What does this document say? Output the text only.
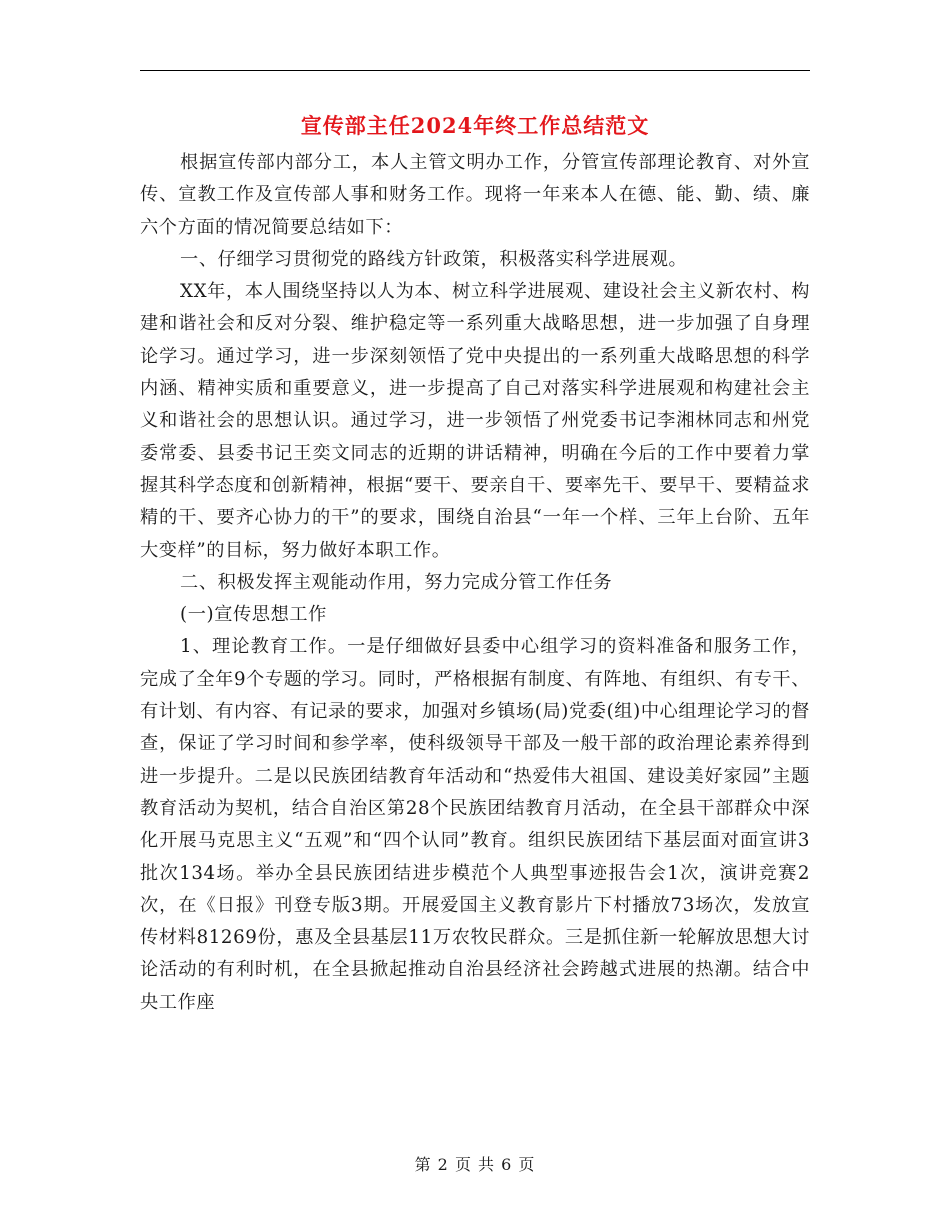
宣传部主任2024年终工作总结范文

根据宣传部内部分工，本人主管文明办工作，分管宣传部理论教育、对外宣传、宣教工作及宣传部人事和财务工作。现将一年来本人在德、能、勤、绩、廉六个方面的情况简要总结如下：

一、仔细学习贯彻党的路线方针政策，积极落实科学进展观。

XX年，本人围绕坚持以人为本、树立科学进展观、建设社会主义新农村、构建和谐社会和反对分裂、维护稳定等一系列重大战略思想，进一步加强了自身理论学习。通过学习，进一步深刻领悟了党中央提出的一系列重大战略思想的科学内涵、精神实质和重要意义，进一步提高了自己对落实科学进展观和构建社会主义和谐社会的思想认识。通过学习，进一步领悟了州党委书记李湘林同志和州党委常委、县委书记王奕文同志的近期的讲话精神，明确在今后的工作中要着力掌握其科学态度和创新精神，根据“要干、要亲自干、要率先干、要早干、要精益求精的干、要齐心协力的干”的要求，围绕自治县“一年一个样、三年上台阶、五年大变样”的目标，努力做好本职工作。

二、积极发挥主观能动作用，努力完成分管工作任务

(一)宣传思想工作

1、理论教育工作。一是仔细做好县委中心组学习的资料准备和服务工作，完成了全年9个专题的学习。同时，严格根据有制度、有阵地、有组织、有专干、有计划、有内容、有记录的要求，加强对乡镇场(局)党委(组)中心组理论学习的督查，保证了学习时间和参学率，使科级领导干部及一般干部的政治理论素养得到进一步提升。二是以民族团结教育年活动和“热爱伟大祖国、建设美好家园”主题教育活动为契机，结合自治区第28个民族团结教育月活动，在全县干部群众中深化开展马克思主义“五观”和“四个认同”教育。组织民族团结下基层面对面宣讲3批次134场。举办全县民族团结进步模范个人典型事迹报告会1次，演讲竞赛2次，在《日报》刊登专版3期。开展爱国主义教育影片下村播放73场次，发放宣传材料81269份，惠及全县基层11万农牧民群众。三是抓住新一轮解放思想大讨论活动的有利时机，在全县掀起推动自治县经济社会跨越式进展的热潮。结合中央工作座

第 2 页 共 6 页
